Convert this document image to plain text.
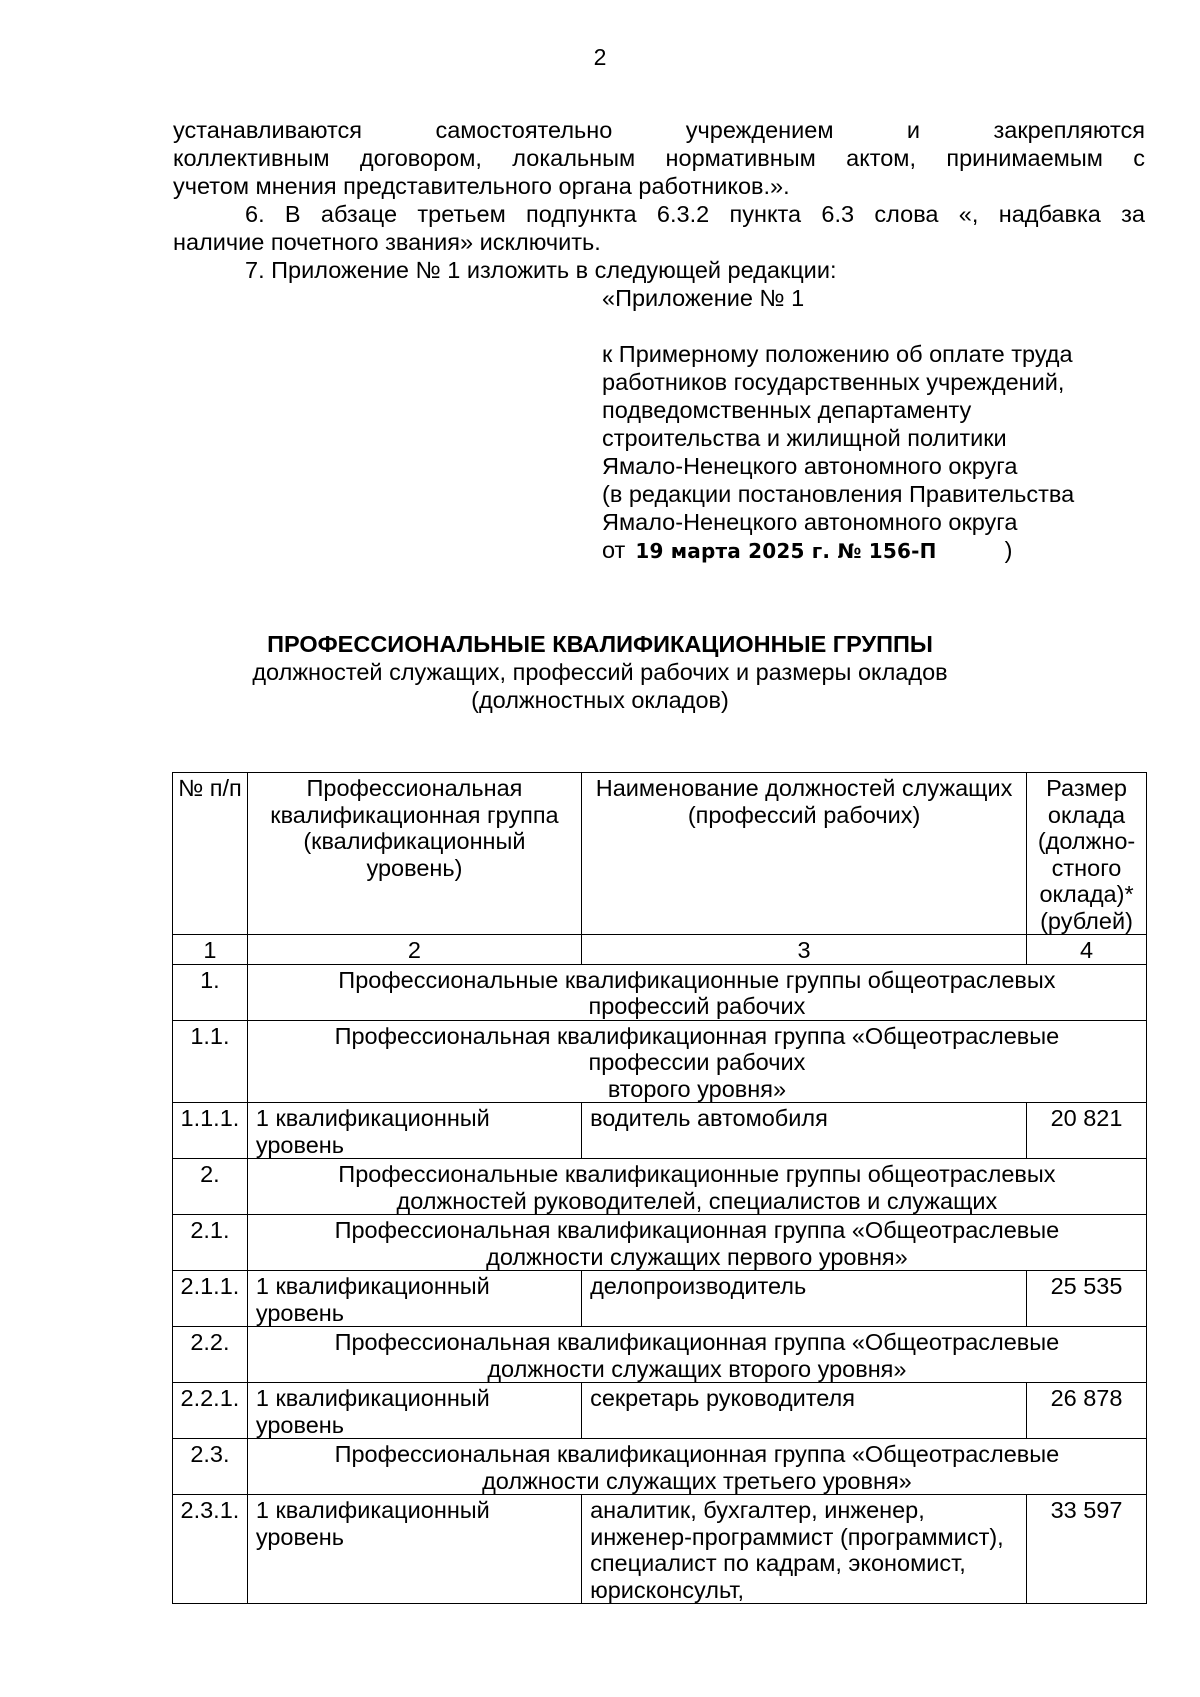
2

устанавливаются самостоятельно учреждением и закрепляются

коллективным договором, локальным нормативным актом, принимаемым с

учетом мнения представительного органа работников.».

6. В абзаце третьем подпункта 6.3.2 пункта 6.3 слова «, надбавка за

наличие почетного звания» исключить.

7. Приложение № 1 изложить в следующей редакции:

«Приложение № 1

к Примерному положению об оплате труда

работников государственных учреждений,

подведомственных департаменту

строительства и жилищной политики

Ямало-Ненецкого автономного округа

(в редакции постановления Правительства

Ямало-Ненецкого автономного округа

от 19 марта 2025 г. № 156-П	)

ПРОФЕССИОНАЛЬНЫЕ КВАЛИФИКАЦИОННЫЕ ГРУППЫ

должностей служащих, профессий рабочих и размеры окладов

(должностных окладов)

№ п/п	Профессиональная квалификационная группа (квалификационный уровень)	Наименование должностей служащих (профессий рабочих)	Размер оклада (должно-стного оклада)* (рублей)
1	2	3	4
1.	Профессиональные квалификационные группы общеотраслевых профессий рабочих		
1.1.	Профессиональная квалификационная группа «Общеотраслевые профессии рабочих
второго уровня»		

1.1.1.	1 квалификационный уровень	водитель автомобиля	20 821
2.	Профессиональные квалификационные группы общеотраслевых должностей руководителей, специалистов и служащих		
2.1.	Профессиональная квалификационная группа «Общеотраслевые должности служащих первого уровня»		
2.1.1.	1 квалификационный уровень	делопроизводитель	25 535
2.2.	Профессиональная квалификационная группа «Общеотраслевые должности служащих второго уровня»		
2.2.1.	1 квалификационный уровень	секретарь руководителя	26 878
2.3.	Профессиональная квалификационная группа «Общеотраслевые должности служащих третьего уровня»		
2.3.1.	1 квалификационный уровень	аналитик, бухгалтер, инженер, инженер-программист (программист), специалист по кадрам, экономист, юрисконсульт,	33 597
